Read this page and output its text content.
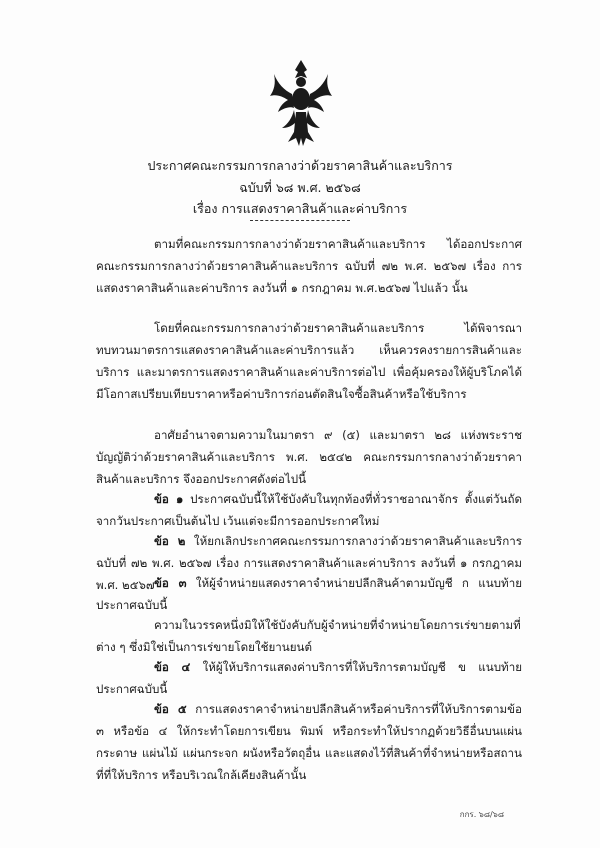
ประกาศคณะกรรมการกลางว่าด้วยราคาสินค้าและบริการ
ฉบับที่ ๖๘ พ.ศ. ๒๕๖๘
เรื่อง การแสดงราคาสินค้าและค่าบริการ

ตามที่คณะกรรมการกลางว่าด้วยราคาสินค้าและบริการ ได้ออกประกาศคณะกรรมการกลางว่าด้วยราคาสินค้าและบริการ ฉบับที่ ๗๒ พ.ศ. ๒๕๖๗ เรื่อง การแสดงราคาสินค้าและค่าบริการ ลงวันที่ ๑ กรกฎาคม พ.ศ.๒๕๖๗ ไปแล้ว นั้น

โดยที่คณะกรรมการกลางว่าด้วยราคาสินค้าและบริการ ได้พิจารณาทบทวนมาตรการแสดงราคาสินค้าและค่าบริการแล้ว เห็นควรคงรายการสินค้าและบริการ และมาตรการแสดงราคาสินค้าและค่าบริการต่อไป เพื่อคุ้มครองให้ผู้บริโภคได้มีโอกาสเปรียบเทียบราคาหรือค่าบริการก่อนตัดสินใจซื้อสินค้าหรือใช้บริการ

อาศัยอำนาจตามความในมาตรา ๙ (๕) และมาตรา ๒๘ แห่งพระราชบัญญัติว่าด้วยราคาสินค้าและบริการ พ.ศ. ๒๕๔๒ คณะกรรมการกลางว่าด้วยราคาสินค้าและบริการ จึงออกประกาศดังต่อไปนี้

ข้อ ๑ ประกาศฉบับนี้ให้ใช้บังคับในทุกท้องที่ทั่วราชอาณาจักร ตั้งแต่วันถัดจากวันประกาศเป็นต้นไป เว้นแต่จะมีการออกประกาศใหม่

ข้อ ๒ ให้ยกเลิกประกาศคณะกรรมการกลางว่าด้วยราคาสินค้าและบริการ ฉบับที่ ๗๒ พ.ศ. ๒๕๖๗ เรื่อง การแสดงราคาสินค้าและค่าบริการ ลงวันที่ ๑ กรกฎาคม พ.ศ. ๒๕๖๗ ข้อ ๓ ให้ผู้จำหน่ายแสดงราคาจำหน่ายปลีกสินค้าตามบัญชี ก แนบท้ายประกาศฉบับนี้

ความในวรรคหนึ่งมิให้ใช้บังคับกับผู้จำหน่ายที่จำหน่ายโดยการเร่ขายตามที่ต่าง ๆ ซึ่งมิใช่เป็นการเร่ขายโดยใช้ยานยนต์

ข้อ ๔ ให้ผู้ให้บริการแสดงค่าบริการที่ให้บริการตามบัญชี ข แนบท้ายประกาศฉบับนี้

ข้อ ๕ การแสดงราคาจำหน่ายปลีกสินค้าหรือค่าบริการที่ให้บริการตามข้อ ๓ หรือข้อ ๔ ให้กระทำโดยการเขียน พิมพ์ หรือกระทำให้ปรากฏด้วยวิธีอื่นบนแผ่นกระดาษ แผ่นไม้ แผ่นกระจก ผนังหรือวัตถุอื่น และแสดงไว้ที่สินค้าที่จำหน่ายหรือสถานที่ที่ให้บริการ หรือบริเวณใกล้เคียงสินค้านั้น

กกร. ๖๘/๖๘
